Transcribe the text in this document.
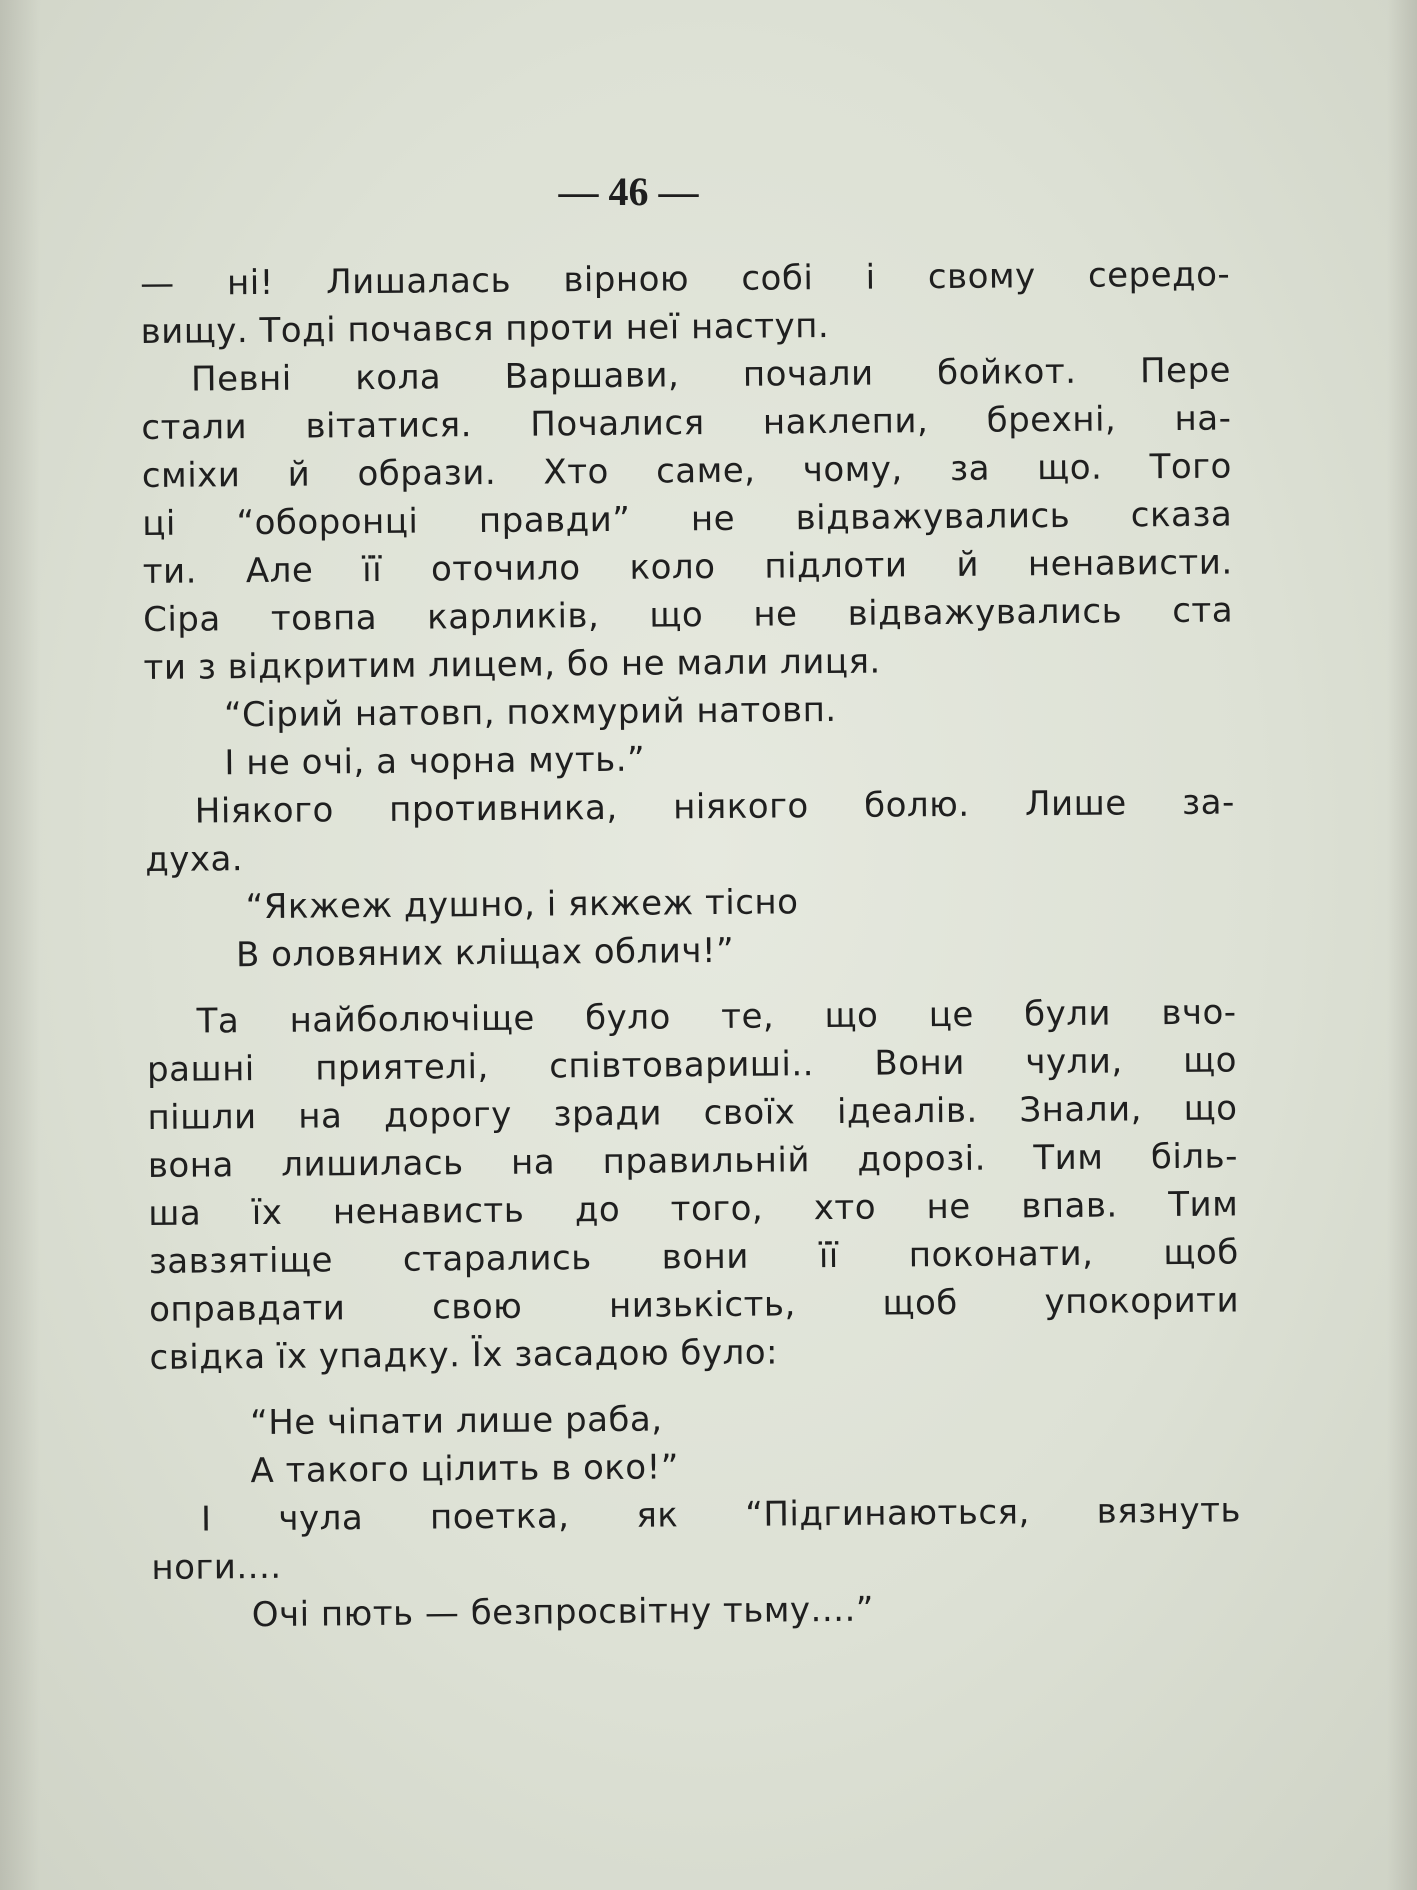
— 46 —
— ні! Лишалась вірною собі і свому середо-
вищу. Тоді почався проти неї наступ.
Певні кола Варшави, почали бойкот. Пере
стали вітатися. Почалися наклепи, брехні, на-
сміхи й образи. Хто саме, чому, за що. Того
ці “оборонці правди” не відважувались сказа
ти. Але її оточило коло підлоти й ненависти.
Сіра товпа карликів, що не відважувались ста
ти з відкритим лицем, бо не мали лиця.
“Сірий натовп, похмурий натовп.
І не очі, а чорна муть.”
Ніякого противника, ніякого болю. Лише за-
духа.
“Якжеж душно, і якжеж тісно
В оловяних кліщах облич!”
Та найболючіще було те, що це були вчо-
рашні приятелі, співтовариші.. Вони чули, що
пішли на дорогу зради своїх ідеалів. Знали, що
вона лишилась на правильній дорозі. Тим біль-
ша їх ненависть до того, хто не впав. Тим
завзятіще старались вони її поконати, щоб
оправдати свою низькість, щоб упокорити
свідка їх упадку. Їх засадою було:
“Не чіпати лише раба,
А такого цілить в око!”
І чула поетка, як “Підгинаються, вязнуть
ноги....
Очі пють — безпросвітну тьму....”
